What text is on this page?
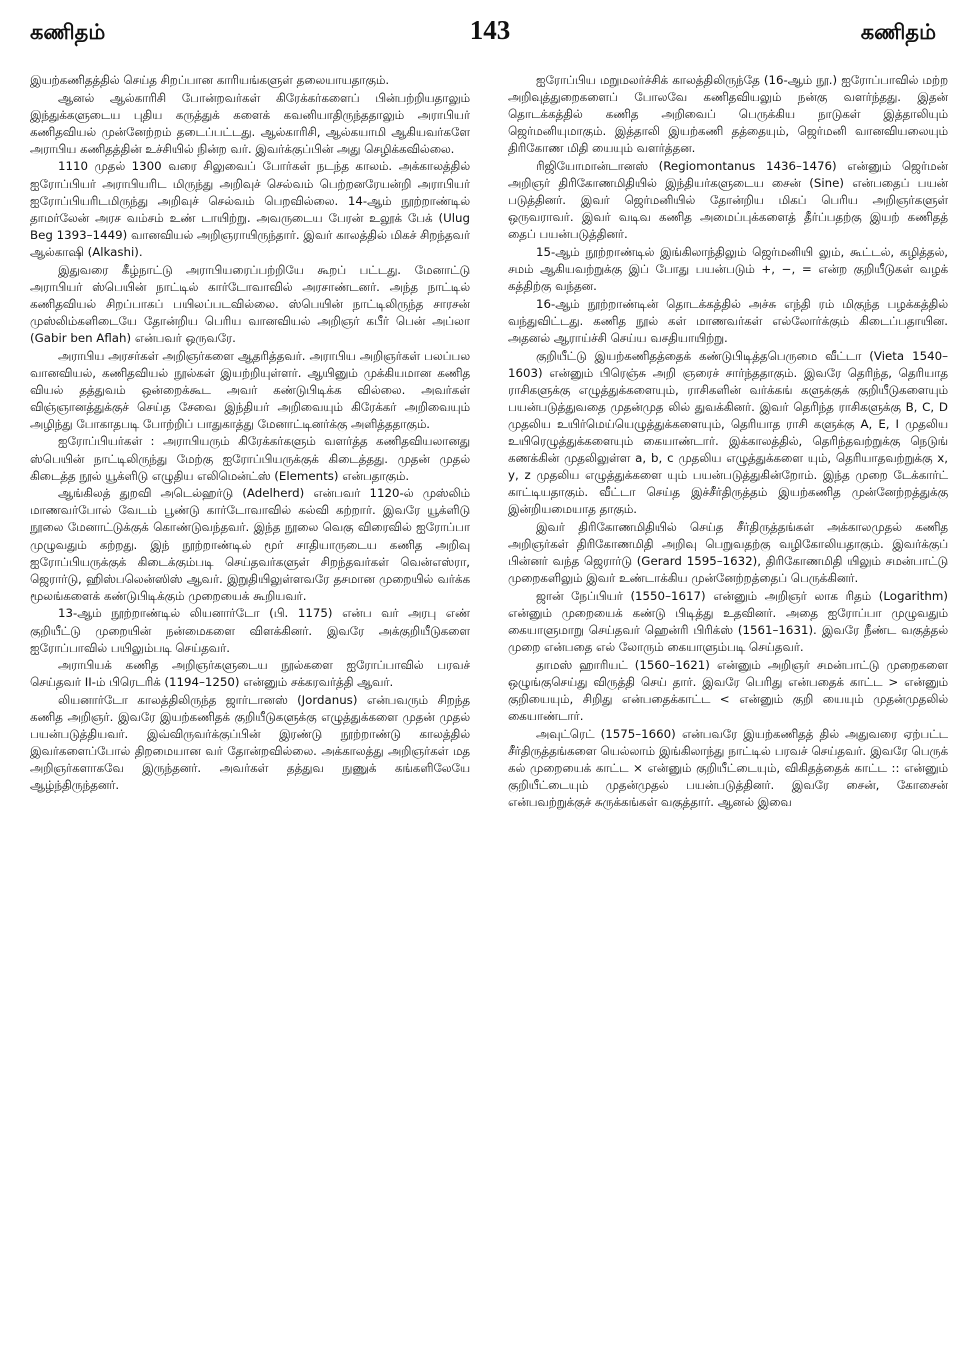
கணிதம்	143	கணிதம்

இயற்கணிதத்தில் செய்த சிறப்பான காரியங்களுள் தலையாயதாகும்.

ஆனல் ஆல்காரிசி போன்றவர்கள் கிரேக்கர்களைப் பின்பற்றியதாலும் இந்துக்களுடைய புதிய கருத்துக் களைக் கவனியாதிருந்ததாலும் அராபியர் கணிதவியல் முன்னேற்றம் தடைப்பட்டது. ஆல்காரிசி, ஆல்கயாமி ஆகியவர்களே அராபிய கணிதத்தின் உச்சியில் நின்ற வர். இவர்க்குப்பின் அது செழிக்கவில்லை.

1110 முதல் 1300 வரை சிலுவைப் போர்கள் நடந்த காலம். அக்காலத்தில் ஐரோப்பியர் அராபியரிட மிருந்து அறிவுச் செல்வம் பெற்றனரேயன்றி அராபியர் ஐரோப்பியரிடமிருந்து அறிவுச் செல்வம் பெறவில்லை. 14-ஆம் நூற்றாண்டில் தாமர்லேன் அரச வம்சம் உண் டாயிற்று. அவருடைய பேரன் உலூக் பேக் (Ulug Beg 1393–1449) வானவியல் அறிஞராயிருந்தார். இவர் காலத்தில் மிகச் சிறந்தவர் ஆல்காஷி (Alkashi).

இதுவரை கீழ்நாட்டு அராபியரைப்பற்றியே கூறப் பட்டது. மேனாட்டு அராபியர் ஸ்பெயின் நாட்டில் கார்டோவாவில் அரசாண்டனர். அந்த நாட்டில் கணிதவியல் சிறப்பாகப் பயிலப்படவில்லை. ஸ்பெயின் நாட்டிலிருந்த சாரசன் முஸ்லிம்களிடையே தோன்றிய பெரிய வானவியல் அறிஞர் கபீர் பென் அப்லா (Gabir ben Aflah) என்பவர் ஒருவரே.

அராபிய அரசர்கள் அறிஞர்களை ஆதரித்தவர். அராபிய அறிஞர்கள் பலப்பல வானவியல், கணிதவியல் நூல்கள் இயற்றியுள்ளர். ஆயினும் முக்கியமான கணித வியல் தத்துவம் ஒன்றைக்கூட அவர் கண்டுபிடிக்க வில்லை. அவர்கள் விஞ்ஞானத்துக்குச் செய்த சேவை இந்தியர் அறிவையும் கிரேக்கர் அறிவையும் அழிந்து போகாதபடி போற்றிப் பாதுகாத்து மேனாட்டினர்க்கு அளித்ததாகும்.

ஐரோப்பியர்கள் : அராபியரும் கிரேக்கர்களும் வளர்த்த கணிதவியலானது ஸ்பெயின் நாட்டிலிருந்து மேற்கு ஐரோப்பியருக்குக் கிடைத்தது. முதன் முதல் கிடைத்த நூல் யூக்ளிடு எழுதிய எலிமென்ட்ஸ் (Elements) என்பதாகும்.

ஆங்கிலத் துறவி அடெல்ஹர்டு (Adelherd) என்பவர் 1120-ல் முஸ்லிம் மாணவர்போல் வேடம் பூண்டு கார்டோவாவில் கல்வி கற்றார். இவரே யூக்ளிடு நூலை மேனாட்டுக்குக் கொண்டுவந்தவர். இந்த நூலை வெகு விரைவில் ஐரோப்பா முழுவதும் கற்றது. இந் நூற்றாண்டில் மூர் சாதியாருடைய கணித அறிவு ஐரோப்பியருக்குக் கிடைக்கும்படி செய்தவர்களுள் சிறந்தவர்கள் வென்எஸ்ரா, ஜெரார்டு, ஹிஸ்பலென்ஸிஸ் ஆவர். இறுதியிலுள்ளவரே தசமான முறையில் வர்க்க மூலங்களைக் கண்டுபிடிக்கும் முறையைக் கூறியவர்.

13-ஆம் நூற்றாண்டில் லியனார்டோ (பி. 1175) என்ப வர் அரபு எண் குறியீட்டு முறையின் நன்மைகளை விளக்கினர். இவரே அக்குறியீடுகளை ஐரோப்பாவில் பயிலும்படி செய்தவர்.

அராபியக் கணித அறிஞர்களுடைய நூல்களை ஐரோப்பாவில் பரவச் செய்தவர் II-ம் பிரெடரிக் (1194–1250) என்னும் சக்கரவர்த்தி ஆவர்.

லியனார்டோ காலத்திலிருந்த ஜார்டானஸ் (Jordanus) என்பவரும் சிறந்த கணித அறிஞர். இவரே இயற்கணிதக் குறியீடுகளுக்கு எழுத்துக்களை முதன் முதல் பயன்படுத்தியவர். இவ்விருவர்க்குப்பின் இரண்டு நூற்றாண்டு காலத்தில் இவர்களைப்போல் திறமையான வர் தோன்றவில்லை. அக்காலத்து அறிஞர்கள் மத அறிஞர்களாகவே இருந்தனர். அவர்கள் தத்துவ நுணுக் கங்களிலேயே ஆழ்ந்திருந்தனர்.

ஐரோப்பிய மறுமலர்ச்சிக் காலத்திலிருந்தே (16-ஆம் நூ.) ஐரோப்பாவில் மற்ற அறிவுத்துறைகளைப் போலவே கணிதவியலும் நன்கு வளர்ந்தது. இதன் தொடக்கத்தில் கணித அறிவைப் பெருக்கிய நாடுகள் இத்தாலியும் ஜெர்மனியுமாகும். இத்தாலி இயற்கணி தத்தையும், ஜெர்மனி வானவியலையும் திரிகோண மிதி யையும் வளர்த்தன.

ரிஜியோமான்டானஸ் (Regiomontanus 1436–1476) என்னும் ஜெர்மன் அறிஞர் திரிகோணமிதியில் இந்தியர்களுடைய சைன் (Sine) என்பதைப் பயன் படுத்தினர். இவர் ஜெர்மனியில் தோன்றிய மிகப் பெரிய அறிஞர்களுள் ஒருவராவர். இவர் வடிவ கணித அமைப்புக்களைத் தீர்ப்பதற்கு இயற் கணிதத் தைப் பயன்படுத்தினர்.

15-ஆம் நூற்றாண்டில் இங்கிலாந்திலும் ஜெர்மனியி லும், கூட்டல், கழித்தல், சமம் ஆகியவற்றுக்கு இப் போது பயன்படும் +, −, = என்ற குறியீடுகள் வழக் கத்திற்கு வந்தன.

16-ஆம் நூற்றாண்டின் தொடக்கத்தில் அச்சு எந்தி ரம் மிகுந்த பழக்கத்தில் வந்துவிட்டது. கணித நூல் கள் மாணவர்கள் எல்லோர்க்கும் கிடைப்பதாயின. அதனல் ஆராய்ச்சி செய்ய வசதியாயிற்று.

குறியீட்டு இயற்கணிதத்தைக் கண்டுபிடித்தபெருமை வீட்டா (Vieta 1540–1603) என்னும் பிரெஞ்சு அறி ஞரைச் சார்ந்ததாகும். இவரே தெரிந்த, தெரியாத ராசிகளுக்கு எழுத்துக்களையும், ராசிகளின் வர்க்கங் களுக்குக் குறியீடுகளையும் பயன்படுத்துவதை முதன்முத லில் துவக்கினர். இவர் தெரிந்த ராசிகளுக்கு B, C, D முதலிய உயிர்மெய்யெழுத்துக்களையும், தெரியாத ராசி களுக்கு A, E, I முதலிய உயிரெழுத்துக்களையும் கையாண்டார். இக்காலத்தில், தெரிந்தவற்றுக்கு நெடுங் கணக்கின் முதலிலுள்ள a, b, c முதலிய எழுத்துக்களை யும், தெரியாதவற்றுக்கு x, y, z முதலிய எழுத்துக்களை யும் பயன்படுத்துகின்றோம். இந்த முறை டேக்கார்ட் காட்டியதாகும். வீட்டா செய்த இச்சீர்திருத்தம் இயற்கணித முன்னேற்றத்துக்கு இன்றியமையாத தாகும்.

இவர் திரிகோணமிதியில் செய்த சீர்திருத்தங்கள் அக்காலமுதல் கணித அறிஞர்கள் திரிகோணமிதி அறிவு பெறுவதற்கு வழிகோலியதாகும். இவர்க்குப் பின்னர் வந்த ஜெரார்டு (Gerard 1595–1632), திரிகோணமிதி யிலும் சமன்பாட்டு முறைகளிலும் இவர் உண்டாக்கிய முன்னேற்றத்தைப் பெருக்கினர்.

ஜான் நேப்பியர் (1550–1617) என்னும் அறிஞர் லாக ரிதம் (Logarithm) என்னும் முறையைக் கண்டு பிடித்து உதவினர். அதை ஐரோப்பா முழுவதும் கையாளுமாறு செய்தவர் ஹென்ரி பிரிக்ஸ் (1561–1631). இவரே நீண்ட வகுத்தல் முறை என்பதை எல் லோரும் கையாளும்படி செய்தவர்.

தாமஸ் ஹாரியட் (1560–1621) என்னும் அறிஞர் சமன்பாட்டு முறைகளை ஒழுங்குசெய்து விருத்தி செய் தார். இவரே பெரிது என்பதைக் காட்ட > என்னும் குறியையும், சிறிது என்பதைக்காட்ட < என்னும் குறி யையும் முதன்முதலில் கையாண்டார்.

அவுட்ரெட் (1575–1660) என்பவரே இயற்கணிதத் தில் அதுவரை ஏற்பட்ட சீர்திருத்தங்களை யெல்லாம் இங்கிலாந்து நாட்டில் பரவச் செய்தவர். இவரே பெருக் கல் முறையைக் காட்ட × என்னும் குறியீட்டையும், விகிதத்தைக் காட்ட :: என்னும் குறியீட்டையும் முதன்முதல் பயன்படுத்தினர். இவரே சைன், கோசைன் என்பவற்றுக்குச் சுருக்கங்கள் வகுத்தார். ஆனல் இவை
